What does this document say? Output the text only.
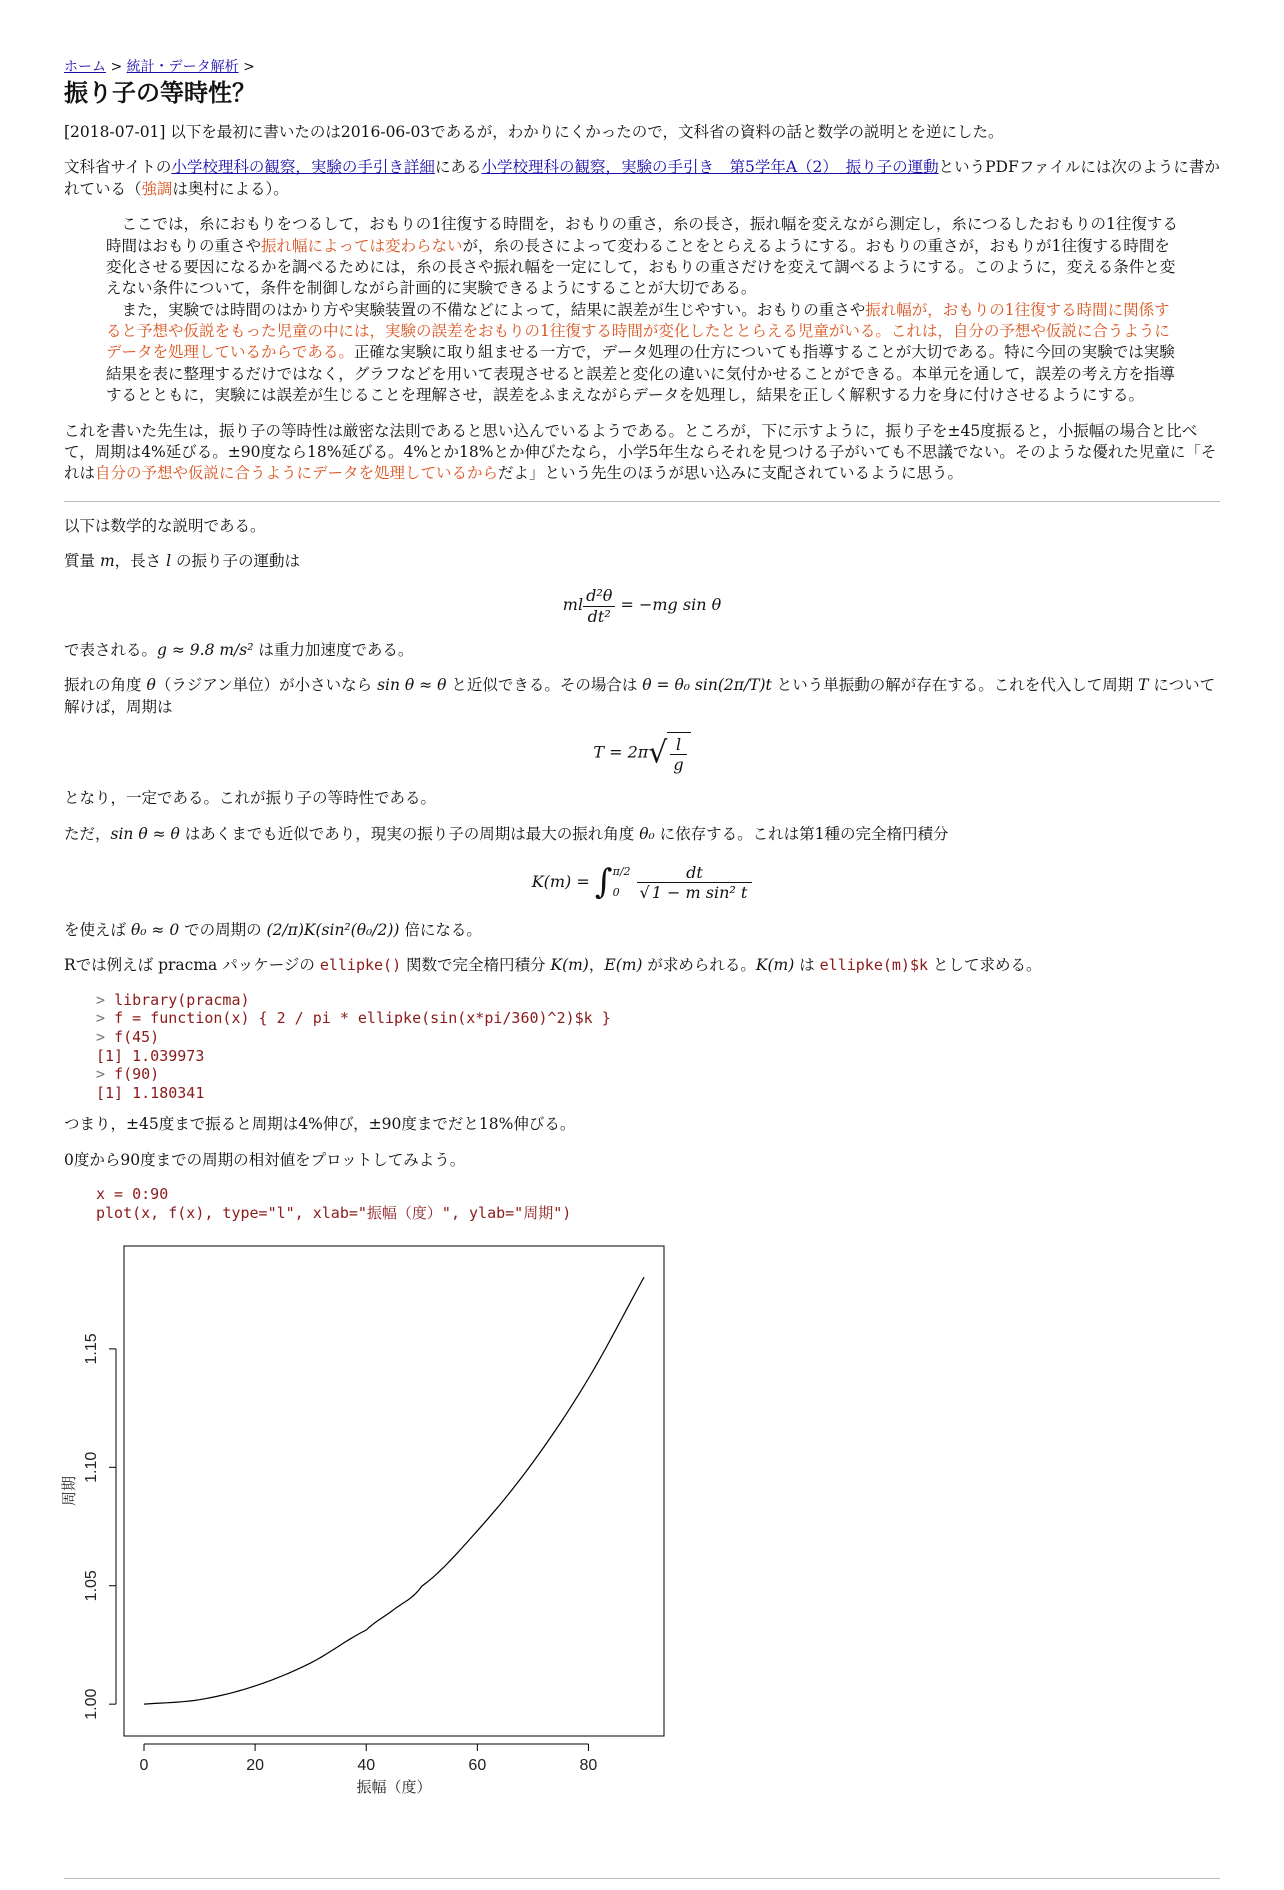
ホーム > 統計・データ解析 >
振り子の等時性？

[2018-07-01] 以下を最初に書いたのは2016-06-03であるが，わかりにくかったので，文科省の資料の話と数学の説明とを逆にした。

文科省サイトの小学校理科の観察，実験の手引き詳細にある小学校理科の観察，実験の手引き　第5学年A（2）　振り子の運動というPDFファイルには次のように書かれている（強調は奥村による）。

ここでは，糸におもりをつるして，おもりの1往復する時間を，おもりの重さ，糸の長さ，振れ幅を変えながら測定し，糸につるしたおもりの1往復する時間はおもりの重さや振れ幅によっては変わらないが，糸の長さによって変わることをとらえるようにする。おもりの重さが，おもりが1往復する時間を変化させる要因になるかを調べるためには，糸の長さや振れ幅を一定にして，おもりの重さだけを変えて調べるようにする。このように，変える条件と変えない条件について，条件を制御しながら計画的に実験できるようにすることが大切である。

また，実験では時間のはかり方や実験装置の不備などによって，結果に誤差が生じやすい。おもりの重さや振れ幅が，おもりの1往復する時間に関係すると予想や仮説をもった児童の中には，実験の誤差をおもりの1往復する時間が変化したととらえる児童がいる。これは，自分の予想や仮説に合うようにデータを処理しているからである。正確な実験に取り組ませる一方で，データ処理の仕方についても指導することが大切である。特に今回の実験では実験結果を表に整理するだけではなく，グラフなどを用いて表現させると誤差と変化の違いに気付かせることができる。本単元を通して，誤差の考え方を指導するとともに，実験には誤差が生じることを理解させ，誤差をふまえながらデータを処理し，結果を正しく解釈する力を身に付けさせるようにする。

これを書いた先生は，振り子の等時性は厳密な法則であると思い込んでいるようである。ところが，下に示すように，振り子を±45度振ると，小振幅の場合と比べて，周期は4%延びる。±90度なら18%延びる。4%とか18%とか伸びたなら，小学5年生ならそれを見つける子がいても不思議でない。そのような優れた児童に「それは自分の予想や仮説に合うようにデータを処理しているからだよ」という先生のほうが思い込みに支配されているように思う。

以下は数学的な説明である。

質量 m，長さ l の振り子の運動は

ml $\frac{\text{d²θ}}{\text{dt²}} = -mg$ sin θ

で表される。g ≈ 9.8 m/s² は重力加速度である。

振れの角度 θ（ラジアン単位）が小さいなら sin θ ≈ θ と近似できる。その場合は θ = θ₀ sin(2π/T)t という単振動の解が存在する。これを代入して周期 T について解けば，周期は

$T = 2\pi√ \frac{l}{g}$

となり，一定である。これが振り子の等時性である。

ただ，sin θ ≈ θ はあくまでも近似であり，現実の振り子の周期は最大の振れ角度 θ₀ に依存する。これは第1種の完全楕円積分

K(m) = ∫ π/2
0	$\frac{dt}{\text{√ 1 − m sin² t}}$

を使えば θ₀ ≈ 0 での周期の (2/π)K(sin²(θ₀/2)) 倍になる。

Rでは例えば pracma パッケージの ellipke() 関数で完全楕円積分 K(m)，E(m) が求められる。K(m) は ellipke(m)$k として求める。

> library(pracma)
> f = function(x) { 2 / pi * ellipke(sin(x*pi/360)^2)$k }
> f(45)
[1] 1.039973
> f(90)
[1] 1.180341

つまり，±45度まで振ると周期は4%伸び，±90度までだと18%伸びる。

0度から90度までの周期の相対値をプロットしてみよう。

x = 0:90
plot(x, f(x), type="l", xlab="振幅（度）", ylab="周期")
0	20	40	60	80
振幅（度）
1.00
1.05
1.10
1.15
周期
